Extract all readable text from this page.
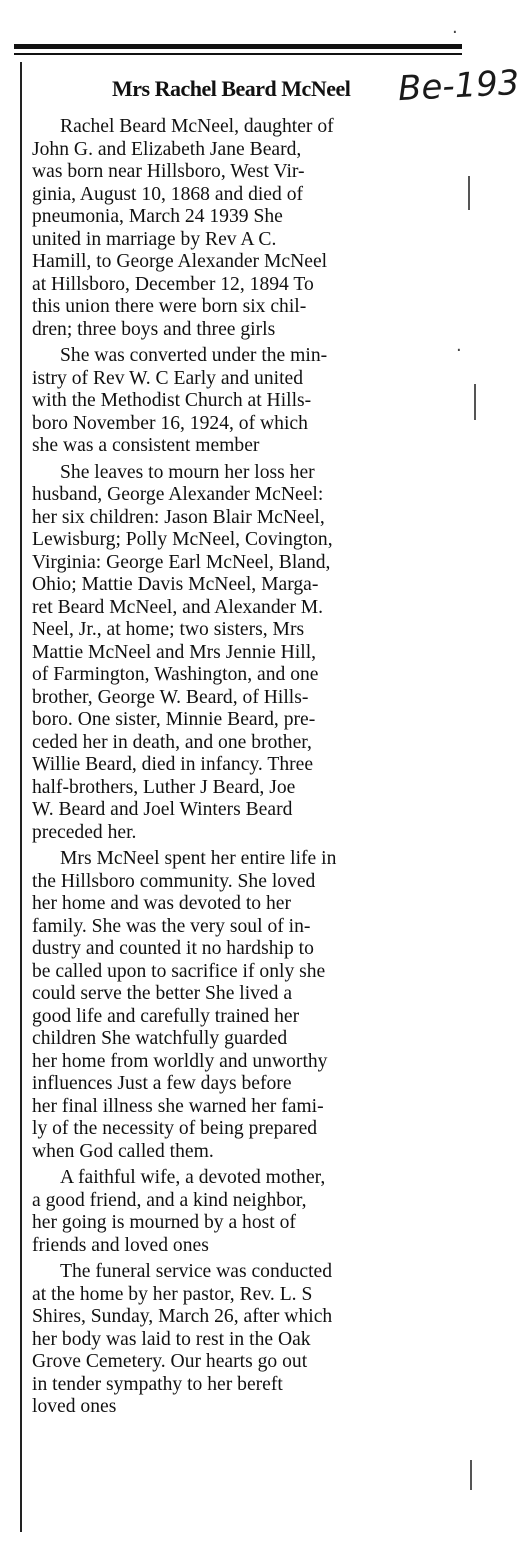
Mrs Rachel Beard McNeel Be-193

Rachel Beard McNeel, daughter of
John G. and Elizabeth Jane Beard,
was born near Hillsboro, West Vir-
ginia, August 10, 1868 and died of
pneumonia, March 24 1939 She
united in marriage by Rev A C.
Hamill, to George Alexander McNeel
at Hillsboro, December 12, 1894 To
this union there were born six chil-
dren; three boys and three girls

She was converted under the min-
istry of Rev W. C Early and united
with the Methodist Church at Hills-
boro November 16, 1924, of which
she was a consistent member

She leaves to mourn her loss her
husband, George Alexander McNeel:
her six children: Jason Blair McNeel,
Lewisburg; Polly McNeel, Covington,
Virginia: George Earl McNeel, Bland,
Ohio; Mattie Davis McNeel, Marga-
ret Beard McNeel, and Alexander M.
Neel, Jr., at home; two sisters, Mrs
Mattie McNeel and Mrs Jennie Hill,
of Farmington, Washington, and one
brother, George W. Beard, of Hills-
boro. One sister, Minnie Beard, pre-
ceded her in death, and one brother,
Willie Beard, died in infancy. Three
half-brothers, Luther J Beard, Joe
W. Beard and Joel Winters Beard
preceded her.

Mrs McNeel spent her entire life in
the Hillsboro community. She loved
her home and was devoted to her
family. She was the very soul of in-
dustry and counted it no hardship to
be called upon to sacrifice if only she
could serve the better She lived a
good life and carefully trained her
children She watchfully guarded
her home from worldly and unworthy
influences Just a few days before
her final illness she warned her fami-
ly of the necessity of being prepared
when God called them.

A faithful wife, a devoted mother,
a good friend, and a kind neighbor,
her going is mourned by a host of
friends and loved ones

The funeral service was conducted
at the home by her pastor, Rev. L. S
Shires, Sunday, March 26, after which
her body was laid to rest in the Oak
Grove Cemetery. Our hearts go out
in tender sympathy to her bereft
loved ones

·
·
